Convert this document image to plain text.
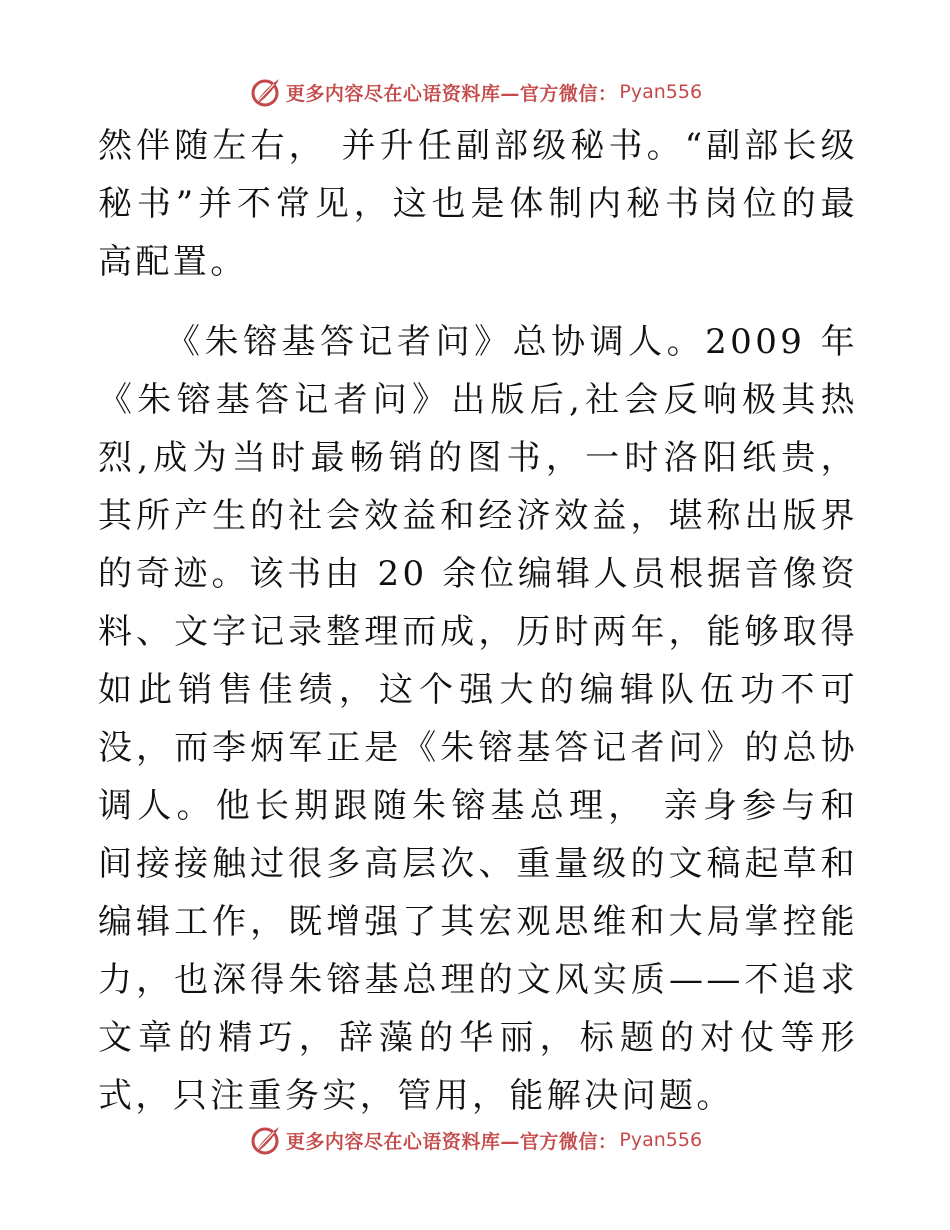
更多内容尽在心语资料库—官方微信： Pyan556

然伴随左右， 并升任副部级秘书。“副部长级秘书”并不常见，这也是体制内秘书岗位的最高配置。

《朱镕基答记者问》总协调人。2009 年《朱镕基答记者问》出版后,社会反响极其热烈,成为当时最畅销的图书，一时洛阳纸贵，其所产生的社会效益和经济效益，堪称出版界的奇迹。该书由 20 余位编辑人员根据音像资料、文字记录整理而成，历时两年，能够取得如此销售佳绩，这个强大的编辑队伍功不可没，而李炳军正是《朱镕基答记者问》的总协调人。他长期跟随朱镕基总理， 亲身参与和间接接触过很多高层次、重量级的文稿起草和编辑工作，既增强了其宏观思维和大局掌控能力，也深得朱镕基总理的文风实质——不追求文章的精巧，辞藻的华丽，标题的对仗等形式，只注重务实，管用，能解决问题。

更多内容尽在心语资料库—官方微信： Pyan556
